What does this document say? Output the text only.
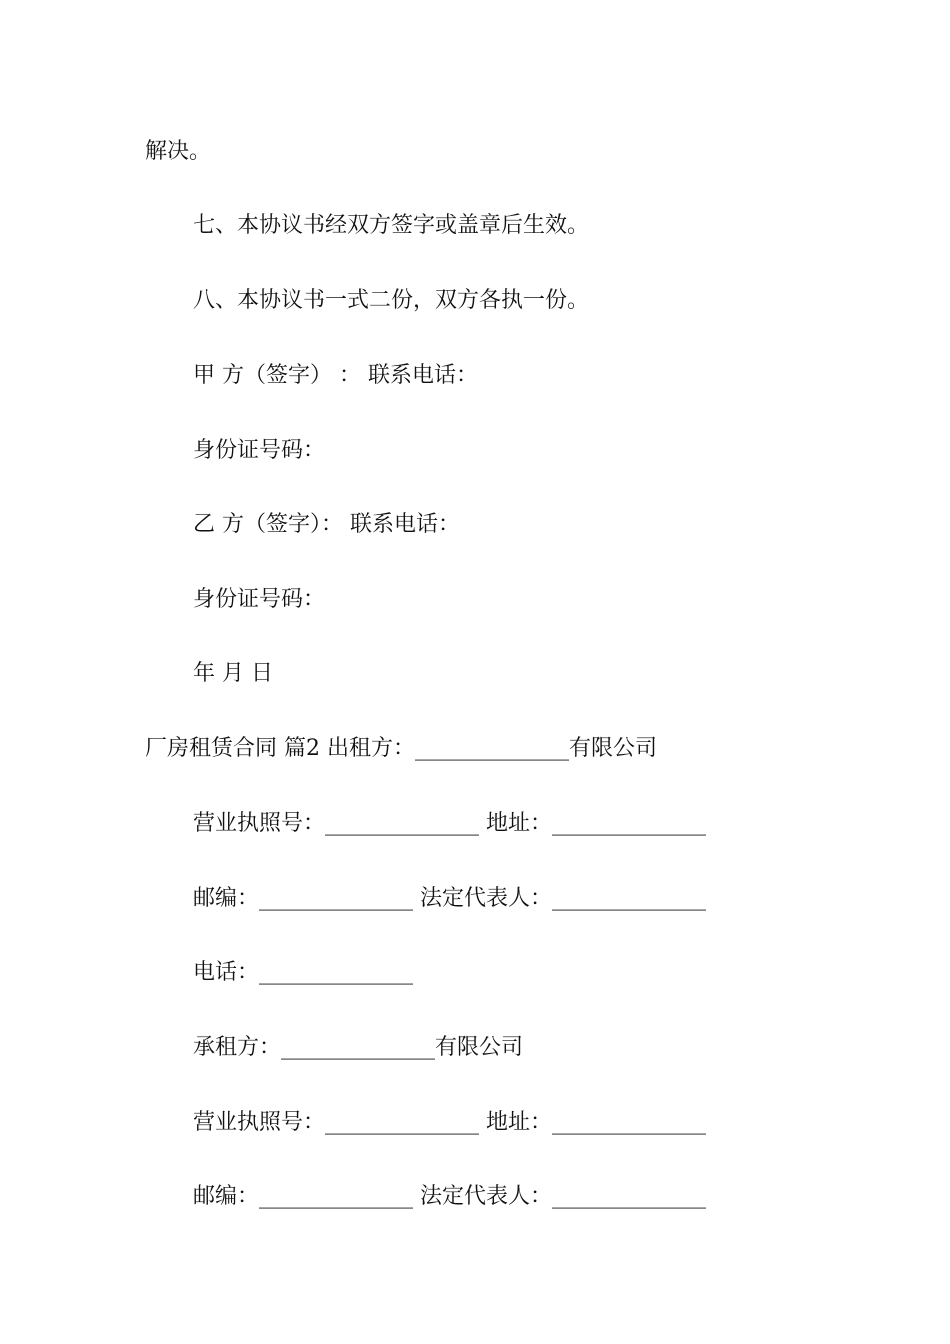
解决。
七、本协议书经双方签字或盖章后生效。
八、本协议书一式二份，双方各执一份。
甲 方（签字） ： 联系电话：
身份证号码：
乙 方（签字）： 联系电话：
身份证号码：
年 月 日
厂房租赁合同 篇2 出租方：______________有限公司
营业执照号：______________ 地址：______________
邮编：______________ 法定代表人：______________
电话：______________
承租方：______________有限公司
营业执照号：______________ 地址：______________
邮编：______________ 法定代表人：______________
